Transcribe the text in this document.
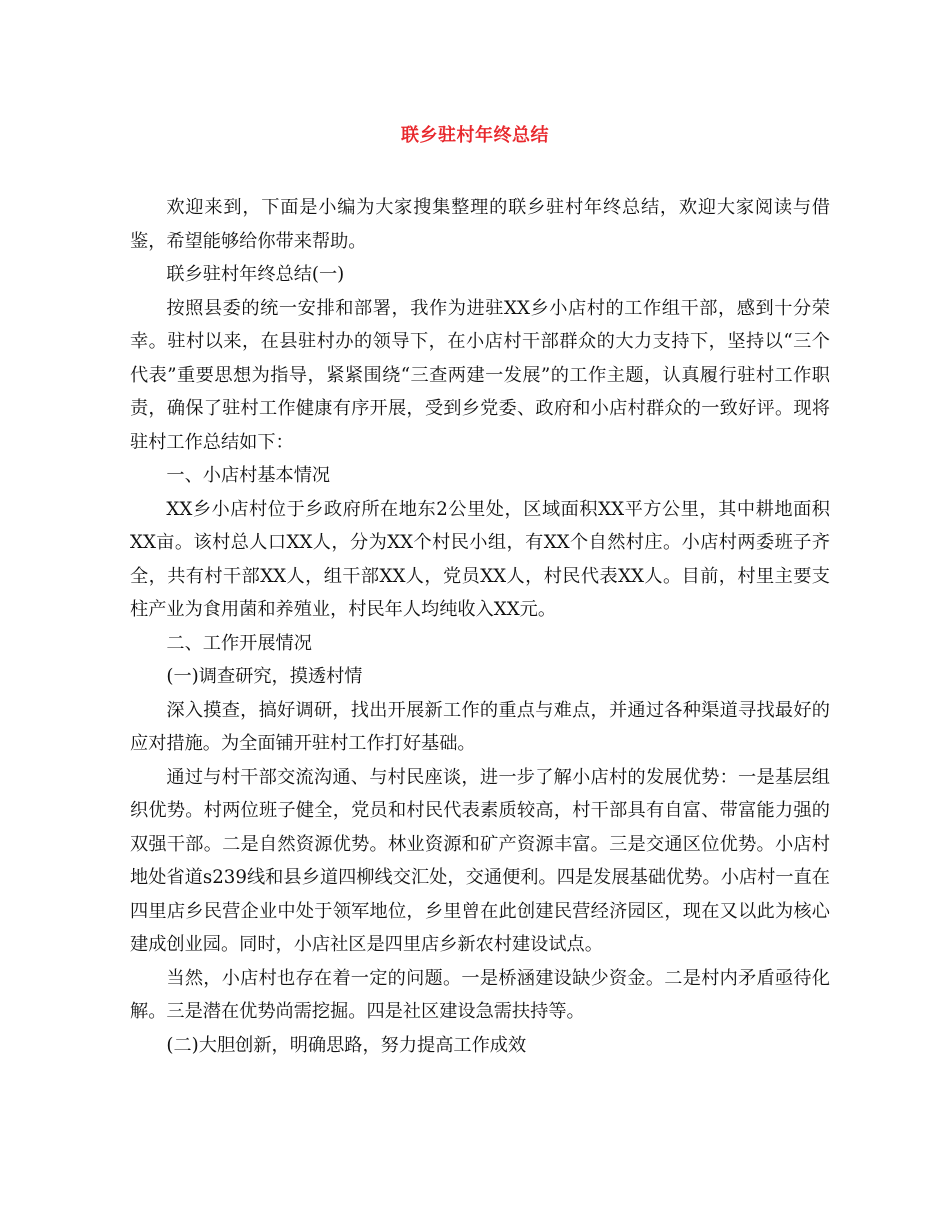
联乡驻村年终总结

欢迎来到，下面是小编为大家搜集整理的联乡驻村年终总结，欢迎大家阅读与借鉴，希望能够给你带来帮助。

联乡驻村年终总结(一)

按照县委的统一安排和部署，我作为进驻XX乡小店村的工作组干部，感到十分荣幸。驻村以来，在县驻村办的领导下，在小店村干部群众的大力支持下，坚持以“三个代表”重要思想为指导，紧紧围绕“三查两建一发展”的工作主题，认真履行驻村工作职责，确保了驻村工作健康有序开展，受到乡党委、政府和小店村群众的一致好评。现将驻村工作总结如下：

一、小店村基本情况

XX乡小店村位于乡政府所在地东2公里处，区域面积XX平方公里，其中耕地面积XX亩。该村总人口XX人，分为XX个村民小组，有XX个自然村庄。小店村两委班子齐全，共有村干部XX人，组干部XX人，党员XX人，村民代表XX人。目前，村里主要支柱产业为食用菌和养殖业，村民年人均纯收入XX元。

二、工作开展情况

(一)调查研究，摸透村情

深入摸查，搞好调研，找出开展新工作的重点与难点，并通过各种渠道寻找最好的应对措施。为全面铺开驻村工作打好基础。

通过与村干部交流沟通、与村民座谈，进一步了解小店村的发展优势：一是基层组织优势。村两位班子健全，党员和村民代表素质较高，村干部具有自富、带富能力强的双强干部。二是自然资源优势。林业资源和矿产资源丰富。三是交通区位优势。小店村地处省道s239线和县乡道四柳线交汇处，交通便利。四是发展基础优势。小店村一直在四里店乡民营企业中处于领军地位，乡里曾在此创建民营经济园区，现在又以此为核心建成创业园。同时，小店社区是四里店乡新农村建设试点。

当然，小店村也存在着一定的问题。一是桥涵建设缺少资金。二是村内矛盾亟待化解。三是潜在优势尚需挖掘。四是社区建设急需扶持等。

(二)大胆创新，明确思路，努力提高工作成效
